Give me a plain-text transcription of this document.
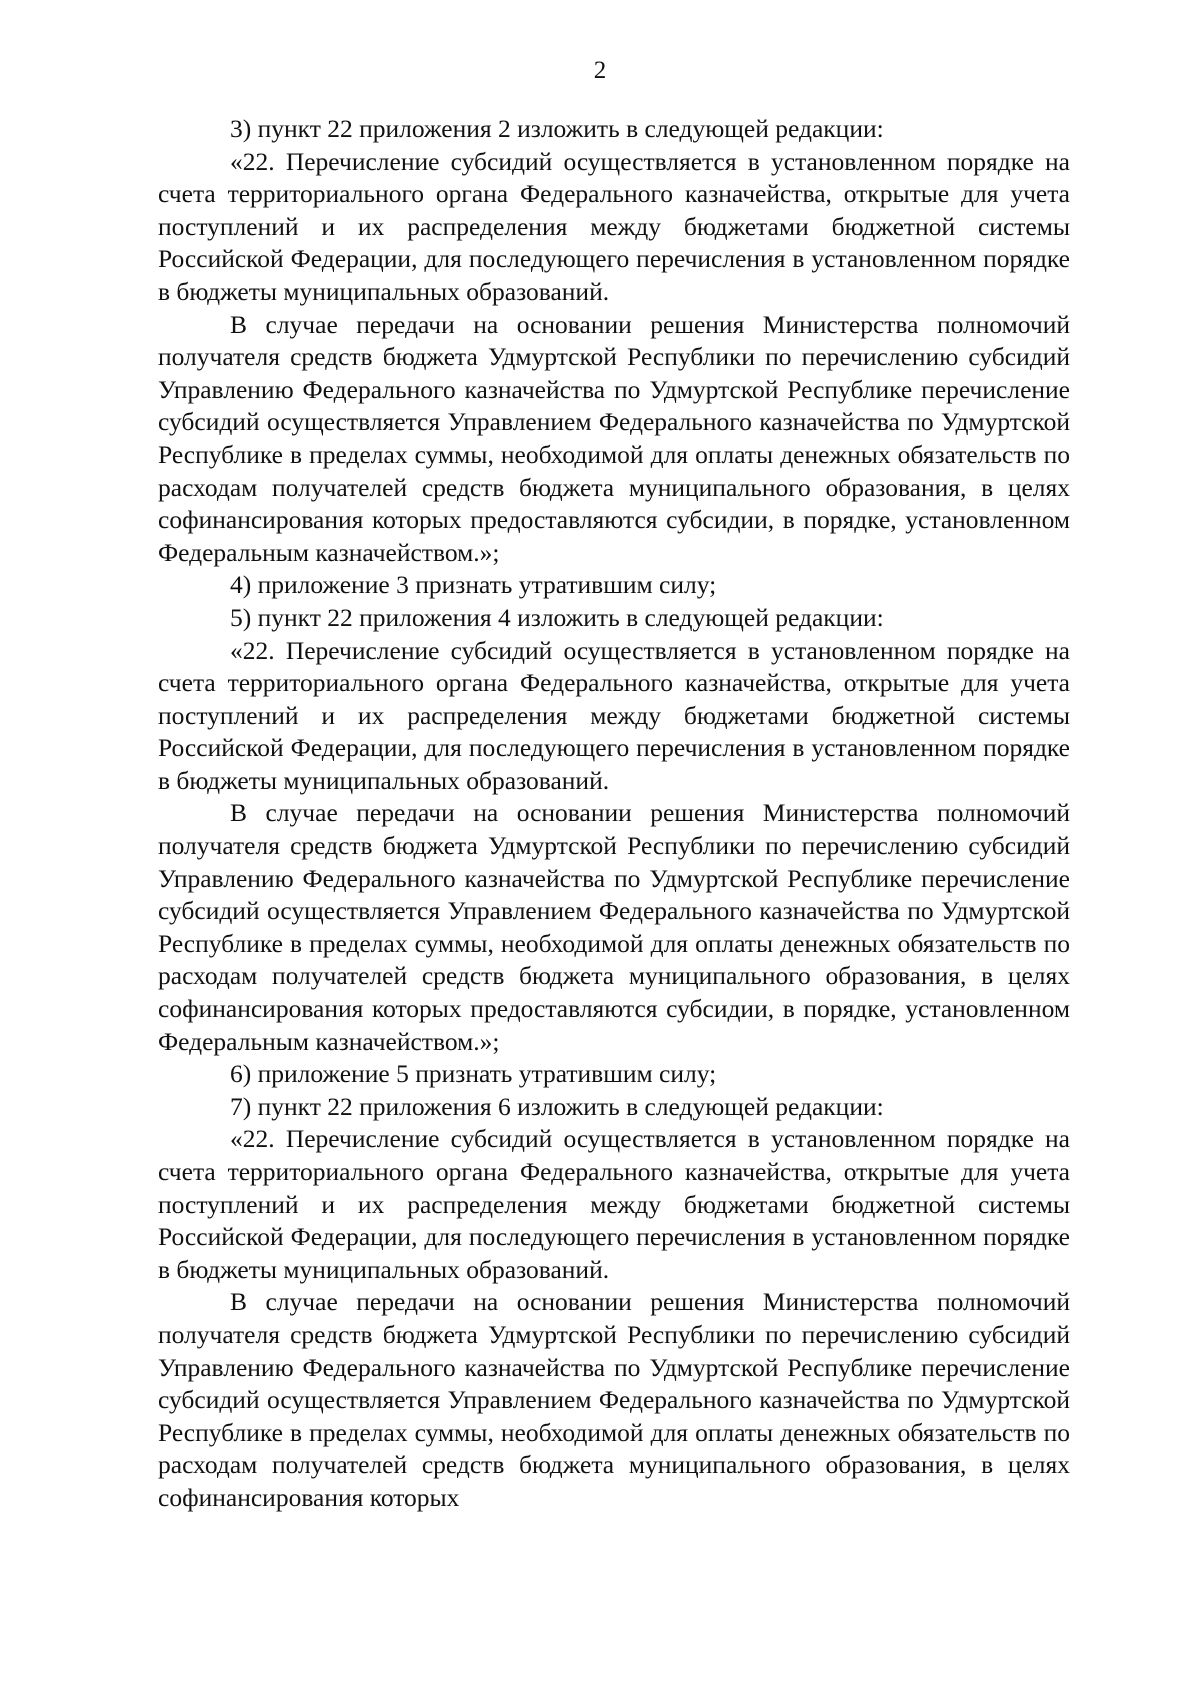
2

3) пункт 22 приложения 2 изложить в следующей редакции:

«22. Перечисление субсидий осуществляется в установленном порядке на счета территориального органа Федерального казначейства, открытые для учета поступлений и их распределения между бюджетами бюджетной системы Российской Федерации, для последующего перечисления в установленном порядке в бюджеты муниципальных образований.

В случае передачи на основании решения Министерства полномочий получателя средств бюджета Удмуртской Республики по перечислению субсидий Управлению Федерального казначейства по Удмуртской Республике перечисление субсидий осуществляется Управлением Федерального казначейства по Удмуртской Республике в пределах суммы, необходимой для оплаты денежных обязательств по расходам получателей средств бюджета муниципального образования, в целях софинансирования которых предоставляются субсидии, в порядке, установленном Федеральным казначейством.»;

4) приложение 3 признать утратившим силу;

5) пункт 22 приложения 4 изложить в следующей редакции:

«22. Перечисление субсидий осуществляется в установленном порядке на счета территориального органа Федерального казначейства, открытые для учета поступлений и их распределения между бюджетами бюджетной системы Российской Федерации, для последующего перечисления в установленном порядке в бюджеты муниципальных образований.

В случае передачи на основании решения Министерства полномочий получателя средств бюджета Удмуртской Республики по перечислению субсидий Управлению Федерального казначейства по Удмуртской Республике перечисление субсидий осуществляется Управлением Федерального казначейства по Удмуртской Республике в пределах суммы, необходимой для оплаты денежных обязательств по расходам получателей средств бюджета муниципального образования, в целях софинансирования которых предоставляются субсидии, в порядке, установленном Федеральным казначейством.»;

6) приложение 5 признать утратившим силу;

7) пункт 22 приложения 6 изложить в следующей редакции:

«22. Перечисление субсидий осуществляется в установленном порядке на счета территориального органа Федерального казначейства, открытые для учета поступлений и их распределения между бюджетами бюджетной системы Российской Федерации, для последующего перечисления в установленном порядке в бюджеты муниципальных образований.

В случае передачи на основании решения Министерства полномочий получателя средств бюджета Удмуртской Республики по перечислению субсидий Управлению Федерального казначейства по Удмуртской Республике перечисление субсидий осуществляется Управлением Федерального казначейства по Удмуртской Республике в пределах суммы, необходимой для оплаты денежных обязательств по расходам получателей средств бюджета муниципального образования, в целях софинансирования которых
